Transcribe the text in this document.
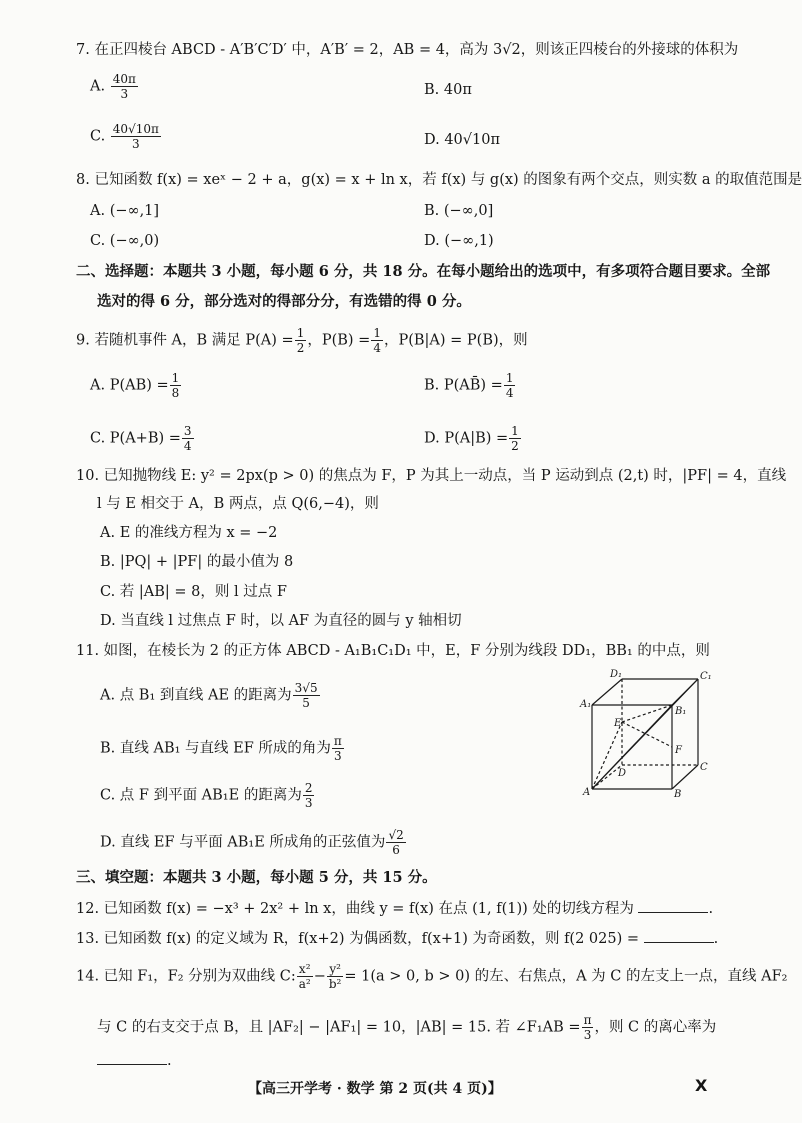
7. 在正四棱台 ABCD - A′B′C′D′ 中，A′B′ = 2，AB = 4，高为 3√2，则该正四棱台的外接球的体积为
A. $\frac{40\pi}{3}$	B. 40π
C. $\frac{40√10\pi}{3}$	D. 40√10π
8. 已知函数 f(x) = xeˣ − 2 + a，g(x) = x + ln x，若 f(x) 与 g(x) 的图象有两个交点，则实数 a 的取值范围是
A. (−∞,1]	B. (−∞,0]
C. (−∞,0)	D. (−∞,1)
二、选择题：本题共 3 小题，每小题 6 分，共 18 分。在每小题给出的选项中，有多项符合题目要求。全部
选对的得 6 分，部分选对的得部分分，有选错的得 0 分。
9. 若随机事件 A，B 满足 $P(A) = \frac{1}{2}$ ，$P(B) = \frac{1}{4}$ ，P(B|A) = P(B)，则
A. $P(AB) = \frac{1}{8}$	B. P(AB̄) = $\frac{1}{4}$
C. $P(A+B) = \frac{3}{4}$	D. $P(A|B) = \frac{1}{2}$
10. 已知抛物线 E: y² = 2px(p > 0) 的焦点为 F，P 为其上一动点，当 P 运动到点 (2,t) 时，|PF| = 4，直线
l 与 E 相交于 A，B 两点，点 Q(6,−4)，则
A. E 的准线方程为 x = −2
B. |PQ| + |PF| 的最小值为 8
C. 若 |AB| = 8，则 l 过点 F
D. 当直线 l 过焦点 F 时，以 AF 为直径的圆与 y 轴相切
11. 如图，在棱长为 2 的正方体 ABCD - A₁B₁C₁D₁ 中，E，F 分别为线段 DD₁，BB₁ 的中点，则
A. 点 B₁ 到直线 AE 的距离为 $\frac{3√5}{5}$
B. 直线 AB₁ 与直线 EF 所成的角为 $\frac{\pi}{3}$
C. 点 F 到平面 AB₁E 的距离为 $\frac{2}{3}$
D. 直线 EF 与平面 AB₁E 所成角的正弦值为 $\frac{√2}{6}$
D₁	C₁
A₁
B₁
E
F
D
C
A	B
三、填空题：本题共 3 小题，每小题 5 分，共 15 分。
12. 已知函数 f(x) = −x³ + 2x² + ln x，曲线 y = f(x) 在点 (1, f(1)) 处的切线方程为	.
13. 已知函数 f(x) 的定义域为 R，f(x+2) 为偶函数，f(x+1) 为奇函数，则 f(2 025) =	.
14. 已知 F₁，F₂ 分别为双曲线 C: $\frac{\text{x²}}{\text{a²}} - \frac{\text{y²}}{\text{b²}} = 1(a > 0$, b > 0) 的左、右焦点，A 为 C 的左支上一点，直线 AF₂
与 C 的右支交于点 B，且 |AF₂| − |AF₁| = 10，|AB| = 15. 若 ∠F₁AB = $\frac{\pi}{3}$ ，则 C 的离心率为
.
【高三开学考 · 数学 第 2 页(共 4 页)】	X
